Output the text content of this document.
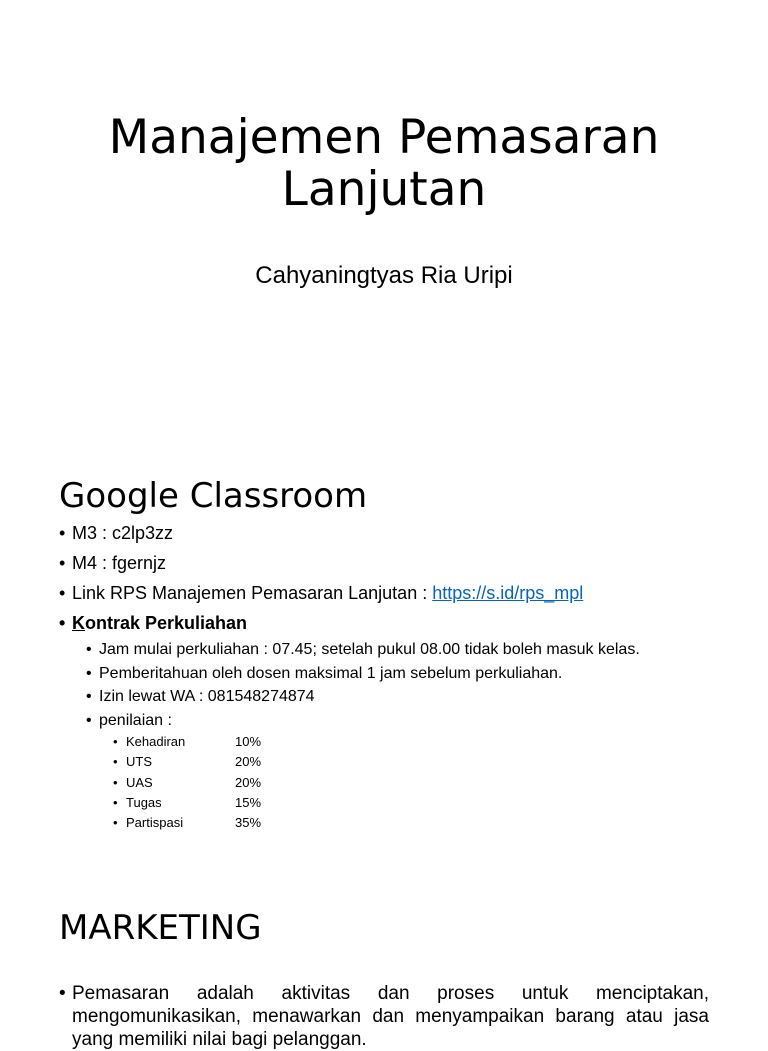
Manajemen Pemasaran
Lanjutan
Cahyaningtyas Ria Uripi
Google Classroom
• M3 : c2lp3zz
• M4 : fgernjz
• Link RPS Manajemen Pemasaran Lanjutan : https://s.id/rps_mpl
• Kontrak Perkuliahan
• Jam mulai perkuliahan : 07.45; setelah pukul 08.00 tidak boleh masuk kelas.
• Pemberitahuan oleh dosen maksimal 1 jam sebelum perkuliahan.
• Izin lewat WA : 081548274874
• penilaian :
• Kehadiran	10%
• UTS	20%
• UAS	20%
• Tugas	15%
• Partispasi	35%
MARKETING
• Pemasaran adalah aktivitas dan proses untuk menciptakan, mengomunikasikan, menawarkan dan menyampaikan barang atau jasa yang memiliki nilai bagi pelanggan.
